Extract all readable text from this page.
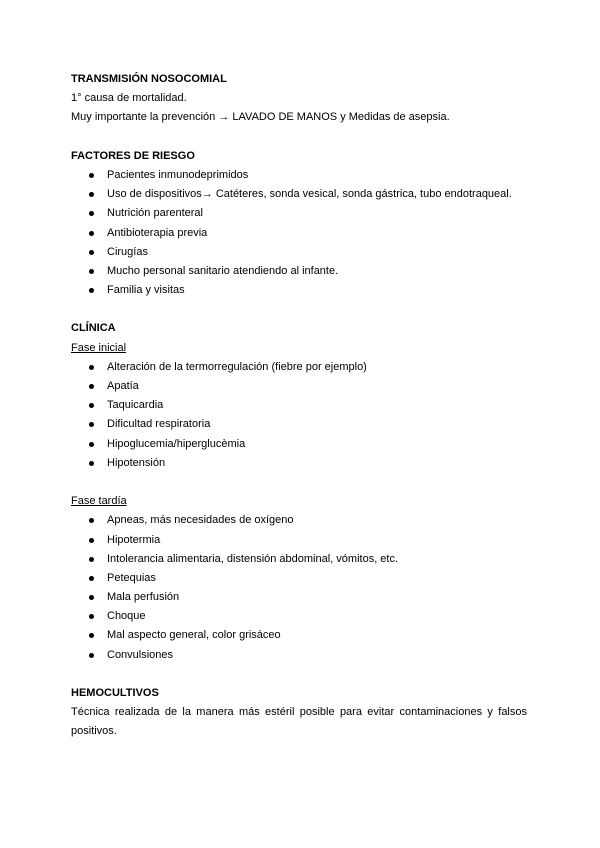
TRANSMISIÓN NOSOCOMIAL
1° causa de mortalidad.
Muy importante la prevención → LAVADO DE MANOS y Medidas de asepsia.
FACTORES DE RIESGO
Pacientes inmunodeprimidos
Uso de dispositivos→ Catéteres, sonda vesical, sonda gástrica, tubo endotraqueal.
Nutrición parenteral
Antibioterapia previa
Cirugías
Mucho personal sanitario atendiendo al infante.
Familia y visitas
CLÍNICA
Fase inicial
Alteración de la termorregulación (fiebre por ejemplo)
Apatía
Taquicardia
Dificultad respiratoria
Hipoglucemia/hiperglucèmia
Hipotensión
Fase tardía
Apneas, más necesidades de oxígeno
Hipotermia
Intolerancia alimentaria, distensión abdominal, vómitos, etc.
Petequias
Mala perfusión
Choque
Mal aspecto general, color grisáceo
Convulsiones
HEMOCULTIVOS
Técnica realizada de la manera más estéril posible para evitar contaminaciones y falsos
positivos.
